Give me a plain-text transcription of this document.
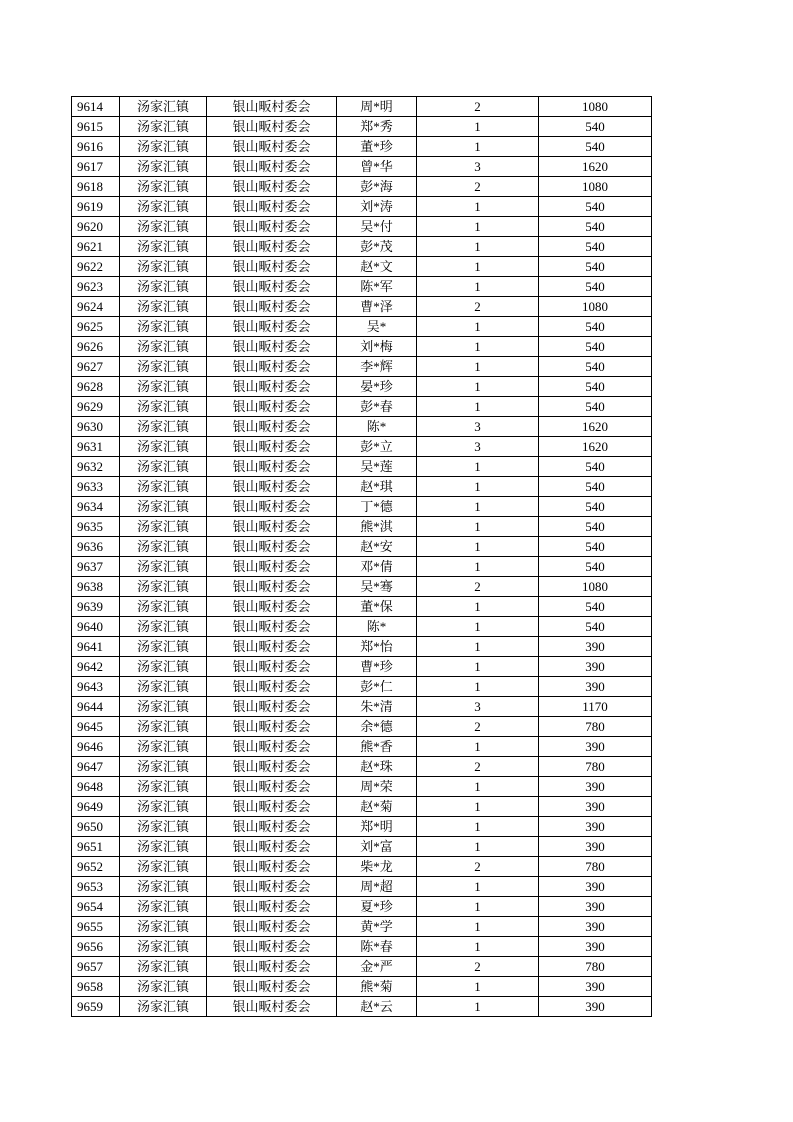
9614	汤家汇镇	银山畈村委会	周*明	2	1080
9615	汤家汇镇	银山畈村委会	郑*秀	1	540
9616	汤家汇镇	银山畈村委会	董*珍	1	540
9617	汤家汇镇	银山畈村委会	曾*华	3	1620
9618	汤家汇镇	银山畈村委会	彭*海	2	1080
9619	汤家汇镇	银山畈村委会	刘*涛	1	540
9620	汤家汇镇	银山畈村委会	吴*付	1	540
9621	汤家汇镇	银山畈村委会	彭*茂	1	540
9622	汤家汇镇	银山畈村委会	赵*文	1	540
9623	汤家汇镇	银山畈村委会	陈*军	1	540
9624	汤家汇镇	银山畈村委会	曹*泽	2	1080
9625	汤家汇镇	银山畈村委会	吴*	1	540
9626	汤家汇镇	银山畈村委会	刘*梅	1	540
9627	汤家汇镇	银山畈村委会	李*辉	1	540
9628	汤家汇镇	银山畈村委会	晏*珍	1	540
9629	汤家汇镇	银山畈村委会	彭*春	1	540
9630	汤家汇镇	银山畈村委会	陈*	3	1620
9631	汤家汇镇	银山畈村委会	彭*立	3	1620
9632	汤家汇镇	银山畈村委会	吴*莲	1	540
9633	汤家汇镇	银山畈村委会	赵*琪	1	540
9634	汤家汇镇	银山畈村委会	丁*德	1	540
9635	汤家汇镇	银山畈村委会	熊*淇	1	540
9636	汤家汇镇	银山畈村委会	赵*安	1	540
9637	汤家汇镇	银山畈村委会	邓*倩	1	540
9638	汤家汇镇	银山畈村委会	吴*骞	2	1080
9639	汤家汇镇	银山畈村委会	董*保	1	540
9640	汤家汇镇	银山畈村委会	陈*	1	540
9641	汤家汇镇	银山畈村委会	郑*怡	1	390
9642	汤家汇镇	银山畈村委会	曹*珍	1	390
9643	汤家汇镇	银山畈村委会	彭*仁	1	390
9644	汤家汇镇	银山畈村委会	朱*清	3	1170
9645	汤家汇镇	银山畈村委会	余*德	2	780
9646	汤家汇镇	银山畈村委会	熊*香	1	390
9647	汤家汇镇	银山畈村委会	赵*珠	2	780
9648	汤家汇镇	银山畈村委会	周*荣	1	390
9649	汤家汇镇	银山畈村委会	赵*菊	1	390
9650	汤家汇镇	银山畈村委会	郑*明	1	390
9651	汤家汇镇	银山畈村委会	刘*富	1	390
9652	汤家汇镇	银山畈村委会	柴*龙	2	780
9653	汤家汇镇	银山畈村委会	周*超	1	390
9654	汤家汇镇	银山畈村委会	夏*珍	1	390
9655	汤家汇镇	银山畈村委会	黄*学	1	390
9656	汤家汇镇	银山畈村委会	陈*春	1	390
9657	汤家汇镇	银山畈村委会	金*严	2	780
9658	汤家汇镇	银山畈村委会	熊*菊	1	390
9659	汤家汇镇	银山畈村委会	赵*云	1	390
